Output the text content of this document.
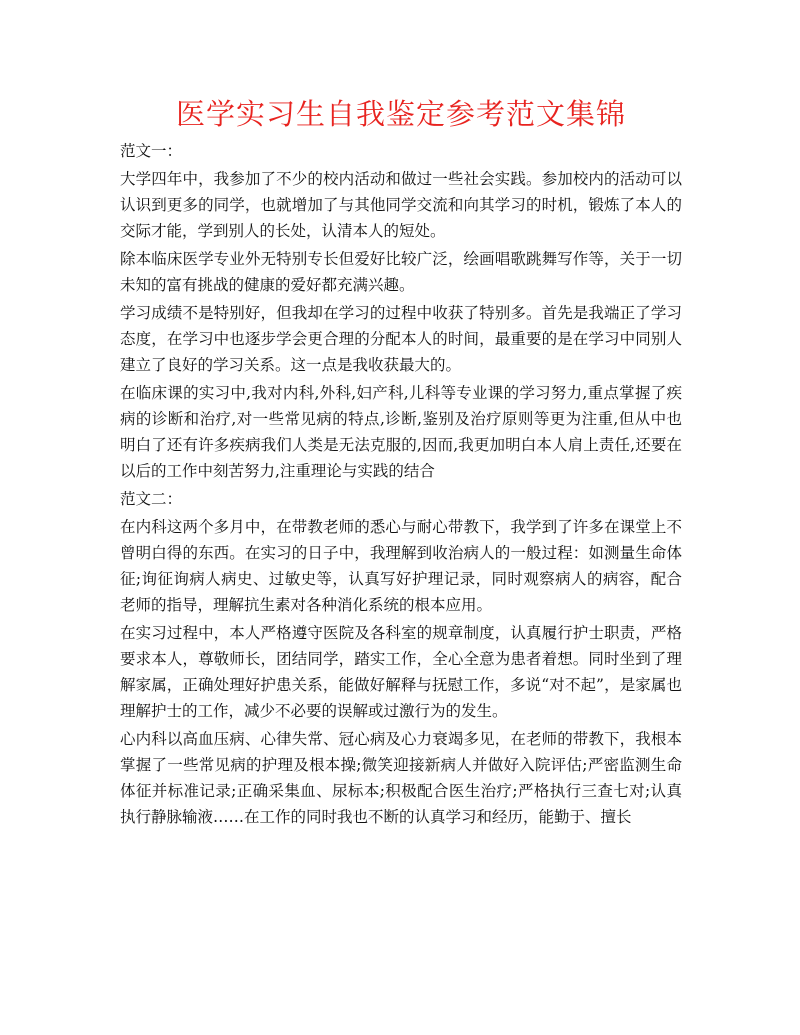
医学实习生自我鉴定参考范文集锦

范文一：

大学四年中，我参加了不少的校内活动和做过一些社会实践。参加校内的活动可以认识到更多的同学，也就增加了与其他同学交流和向其学习的时机，锻炼了本人的交际才能，学到别人的长处，认清本人的短处。

除本临床医学专业外无特别专长但爱好比较广泛，绘画唱歌跳舞写作等，关于一切未知的富有挑战的健康的爱好都充满兴趣。

学习成绩不是特别好，但我却在学习的过程中收获了特别多。首先是我端正了学习态度，在学习中也逐步学会更合理的分配本人的时间，最重要的是在学习中同别人建立了良好的学习关系。这一点是我收获最大的。

在临床课的实习中,我对内科,外科,妇产科,儿科等专业课的学习努力,重点掌握了疾病的诊断和治疗,对一些常见病的特点,诊断,鉴别及治疗原则等更为注重,但从中也明白了还有许多疾病我们人类是无法克服的,因而,我更加明白本人肩上责任,还要在以后的工作中刻苦努力,注重理论与实践的结合

范文二：

在内科这两个多月中，在带教老师的悉心与耐心带教下，我学到了许多在课堂上不曾明白得的东西。在实习的日子中，我理解到收治病人的一般过程：如测量生命体征;询征询病人病史、过敏史等，认真写好护理记录，同时观察病人的病容，配合老师的指导，理解抗生素对各种消化系统的根本应用。

在实习过程中，本人严格遵守医院及各科室的规章制度，认真履行护士职责，严格要求本人，尊敬师长，团结同学，踏实工作，全心全意为患者着想。同时坐到了理解家属，正确处理好护患关系，能做好解释与抚慰工作，多说“对不起”，是家属也理解护士的工作，减少不必要的误解或过激行为的发生。

心内科以高血压病、心律失常、冠心病及心力衰竭多见，在老师的带教下，我根本掌握了一些常见病的护理及根本操;微笑迎接新病人并做好入院评估;严密监测生命体征并标准记录;正确采集血、尿标本;积极配合医生治疗;严格执行三查七对;认真执行静脉输液……在工作的同时我也不断的认真学习和经历，能勤于、擅长
